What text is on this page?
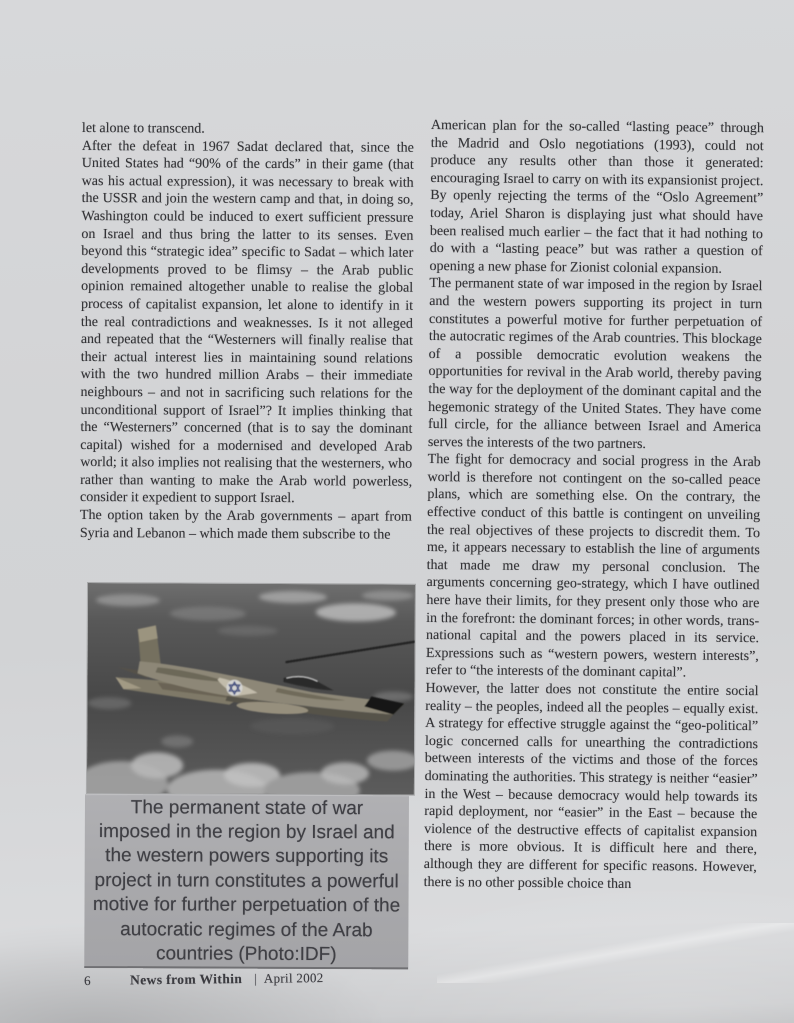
let alone to transcend.

After the defeat in 1967 Sadat declared that, since the United States had “90% of the cards” in their game (that was his actual expression), it was necessary to break with the USSR and join the western camp and that, in doing so, Washington could be induced to exert sufficient pressure on Israel and thus bring the latter to its senses. Even beyond this “strategic idea” specific to Sadat – which later developments proved to be flimsy – the Arab public opinion remained altogether unable to realise the global process of capitalist expansion, let alone to identify in it the real contradictions and weaknesses. Is it not alleged and repeated that the “Westerners will finally realise that their actual interest lies in maintaining sound relations with the two hundred million Arabs – their immediate neighbours – and not in sacrificing such relations for the unconditional support of Israel”? It implies thinking that the “Westerners” concerned (that is to say the dominant capital) wished for a modernised and developed Arab world; it also implies not realising that the westerners, who rather than wanting to make the Arab world powerless, consider it expedient to support Israel.

The option taken by the Arab governments – apart from Syria and Lebanon – which made them subscribe to the

American plan for the so-called “lasting peace” through the Madrid and Oslo negotiations (1993), could not produce any results other than those it generated: encouraging Israel to carry on with its expansionist project. By openly rejecting the terms of the “Oslo Agreement” today, Ariel Sharon is displaying just what should have been realised much earlier – the fact that it had nothing to do with a “lasting peace” but was rather a question of opening a new phase for Zionist colonial expansion.

The permanent state of war imposed in the region by Israel and the western powers supporting its project in turn constitutes a powerful motive for further perpetuation of the autocratic regimes of the Arab countries. This blockage of a possible democratic evolution weakens the opportunities for revival in the Arab world, thereby paving the way for the deployment of the dominant capital and the hegemonic strategy of the United States. They have come full circle, for the alliance between Israel and America serves the interests of the two partners.

The fight for democracy and social progress in the Arab world is therefore not contingent on the so-called peace plans, which are something else. On the contrary, the effective conduct of this battle is contingent on unveiling the real objectives of these projects to discredit them. To me, it appears necessary to establish the line of arguments that made me draw my personal conclusion. The arguments concerning geo-strategy, which I have outlined here have their limits, for they present only those who are in the forefront: the dominant forces; in other words, trans-national capital and the powers placed in its service. Expressions such as “western powers, western interests”, refer to “the interests of the dominant capital”.

However, the latter does not constitute the entire social reality – the peoples, indeed all the peoples – equally exist. A strategy for effective struggle against the “geo-political” logic concerned calls for unearthing the contradictions between interests of the victims and those of the forces dominating the authorities. This strategy is neither “easier” in the West – because democracy would help towards its rapid deployment, nor “easier” in the East – because the violence of the destructive effects of capitalist expansion there is more obvious. It is difficult here and there, although they are different for specific reasons. However, there is no other possible choice than

The permanent state of war
imposed in the region by Israel and
the western powers supporting its
project in turn constitutes a powerful
motive for further perpetuation of the
autocratic regimes of the Arab
countries (Photo:IDF)
6	News from Within | April 2002
